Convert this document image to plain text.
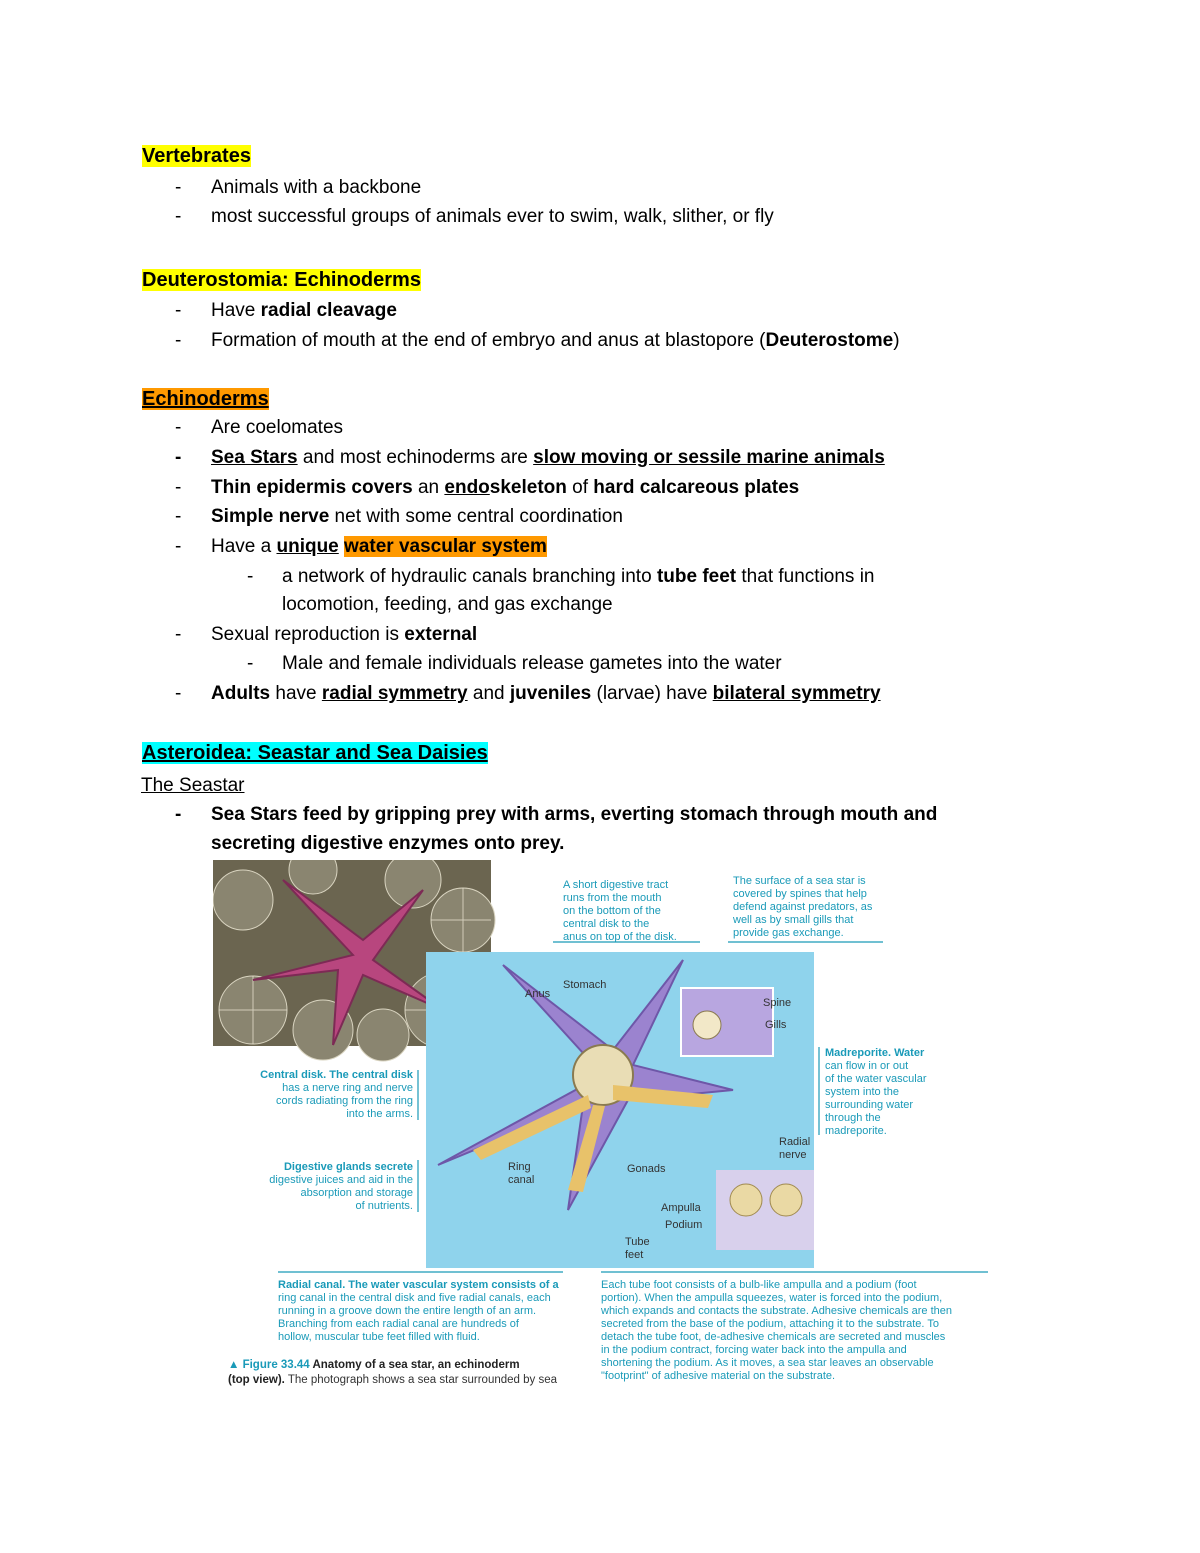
Vertebrates
- Animals with a backbone
- most successful groups of animals ever to swim, walk, slither, or fly
Deuterostomia: Echinoderms
- Have radial cleavage
- Formation of mouth at the end of embryo and anus at blastopore (Deuterostome)
Echinoderms
- Are coelomates
- Sea Stars and most echinoderms are slow moving or sessile marine animals
- Thin epidermis covers an endoskeleton of hard calcareous plates
- Simple nerve net with some central coordination
- Have a unique water vascular system
- a network of hydraulic canals branching into tube feet that functions in
locomotion, feeding, and gas exchange
- Sexual reproduction is external
- Male and female individuals release gametes into the water
- Adults have radial symmetry and juveniles (larvae) have bilateral symmetry
Asteroidea: Seastar and Sea Daisies
The Seastar
- Sea Stars feed by gripping prey with arms, everting stomach through mouth and
secreting digestive enzymes onto prey.
A short digestive tract
runs from the mouth
on the bottom of the
central disk to the
anus on top of the disk.
The surface of a sea star is
covered by spines that help
defend against predators, as
well as by small gills that
provide gas exchange.
Central disk. The central disk
has a nerve ring and nerve
cords radiating from the ring
into the arms.
Digestive glands secrete
digestive juices and aid in the
absorption and storage
of nutrients.
Madreporite. Water
can flow in or out
of the water vascular
system into the
surrounding water
through the
madreporite.
Anus
Stomach
Spine
Gills
Ring
canal
Gonads
Radial
nerve
Ampulla
Podium
Tube
feet
Radial canal. The water vascular system consists of a
ring canal in the central disk and five radial canals, each
running in a groove down the entire length of an arm.
Branching from each radial canal are hundreds of
hollow, muscular tube feet filled with fluid.
Each tube foot consists of a bulb-like ampulla and a podium (foot
portion). When the ampulla squeezes, water is forced into the podium,
which expands and contacts the substrate. Adhesive chemicals are then
secreted from the base of the podium, attaching it to the substrate. To
detach the tube foot, de-adhesive chemicals are secreted and muscles
in the podium contract, forcing water back into the ampulla and
shortening the podium. As it moves, a sea star leaves an observable
"footprint" of adhesive material on the substrate.
▲ Figure 33.44 Anatomy of a sea star, an echinoderm
(top view). The photograph shows a sea star surrounded by sea
